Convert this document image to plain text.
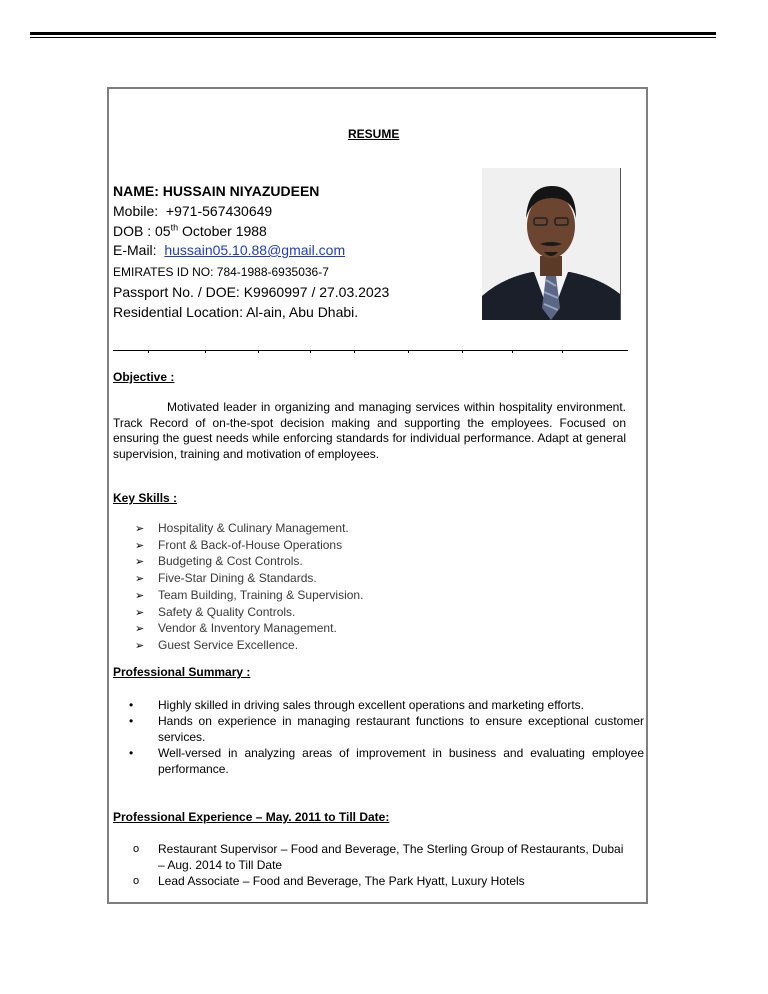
RESUME
NAME: HUSSAIN NIYAZUDEEN
Mobile: +971-567430649
DOB : 05th October 1988
E-Mail: hussain05.10.88@gmail.com
EMIRATES ID NO: 784-1988-6935036-7
Passport No. / DOE: K9960997 / 27.03.2023
Residential Location: Al-ain, Abu Dhabi.
Objective :
Motivated leader in organizing and managing services within hospitality environment. Track Record of on-the-spot decision making and supporting the employees. Focused on ensuring the guest needs while enforcing standards for individual performance. Adapt at general supervision, training and motivation of employees.
Key Skills :
➢ Hospitality & Culinary Management.
➢ Front & Back-of-House Operations
➢ Budgeting & Cost Controls.
➢ Five-Star Dining & Standards.
➢ Team Building, Training & Supervision.
➢ Safety & Quality Controls.
➢ Vendor & Inventory Management.
➢ Guest Service Excellence.
Professional Summary :
• Highly skilled in driving sales through excellent operations and marketing efforts.
• Hands on experience in managing restaurant functions to ensure exceptional customer services.
• Well-versed in analyzing areas of improvement in business and evaluating employee performance.
Professional Experience – May. 2011 to Till Date:
o Restaurant Supervisor – Food and Beverage, The Sterling Group of Restaurants, Dubai – Aug. 2014 to Till Date
o Lead Associate – Food and Beverage, The Park Hyatt, Luxury Hotels
